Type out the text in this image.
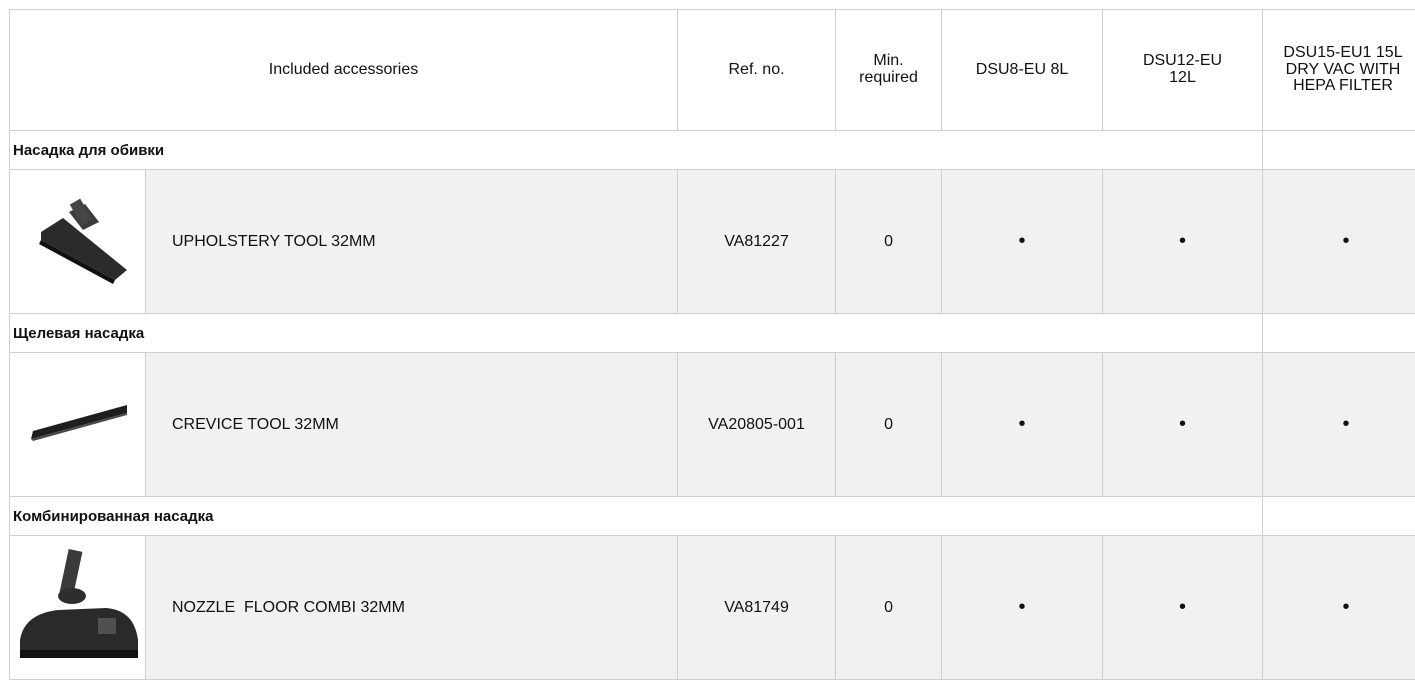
Included accessories		Ref. no.	Min. required	DSU8-EU 8L	DSU12-EU 12L	DSU15-EU1 15L DRY VAC WITH HEPA FILTER
Насадка для обивки						

	UPHOLSTERY TOOL 32MM	VA81227	0	•	•	•
Щелевая насадка						

	CREVICE TOOL 32MM	VA20805-001	0	•	•	•
Комбинированная насадка						

	NOZZLE  FLOOR COMBI 32MM	VA81749	0	•	•	•
